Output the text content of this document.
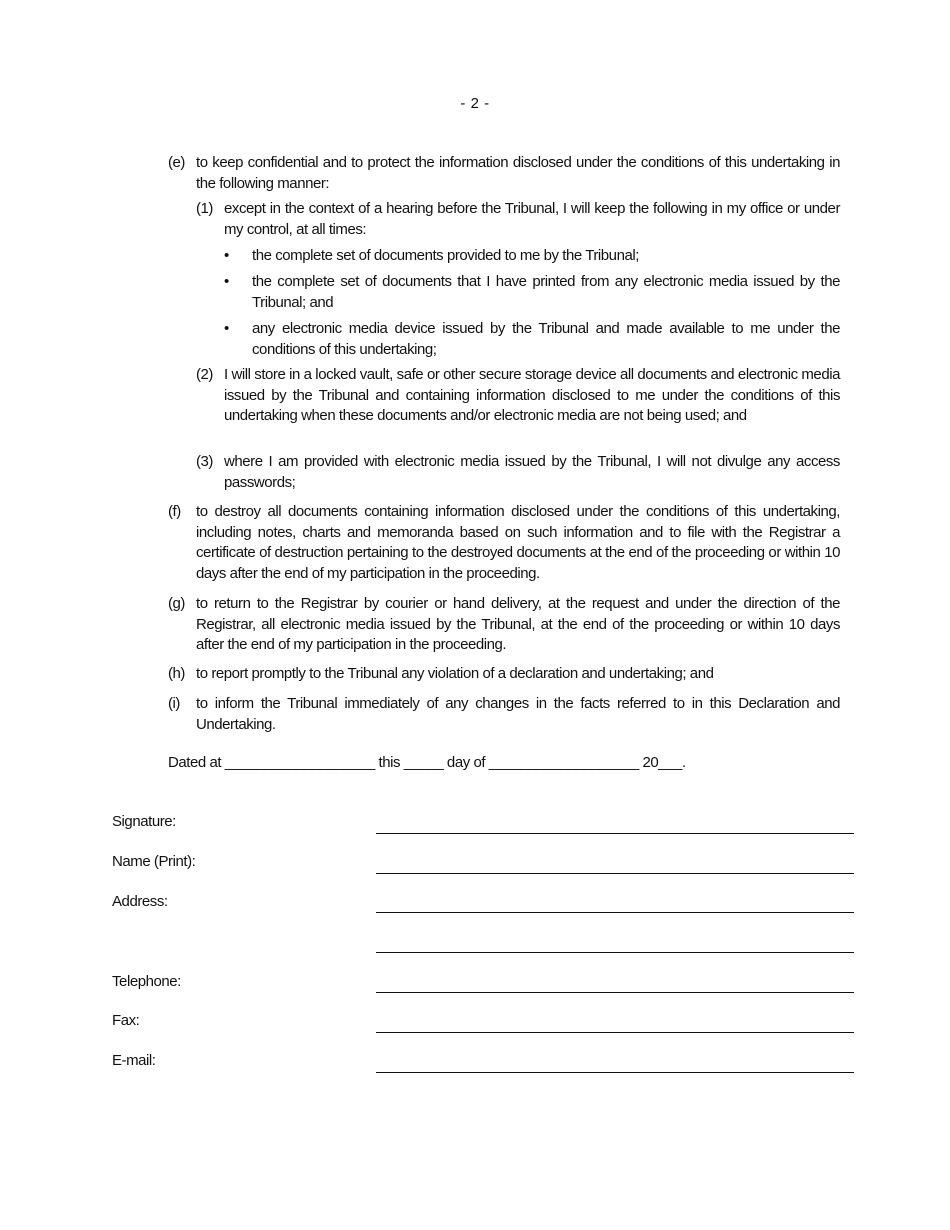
- 2 -
(e) to keep confidential and to protect the information disclosed under the conditions of this undertaking in the following manner:
(1) except in the context of a hearing before the Tribunal, I will keep the following in my office or under my control, at all times:
• the complete set of documents provided to me by the Tribunal;
• the complete set of documents that I have printed from any electronic media issued by the Tribunal; and
• any electronic media device issued by the Tribunal and made available to me under the conditions of this undertaking;
(2) I will store in a locked vault, safe or other secure storage device all documents and electronic media issued by the Tribunal and containing information disclosed to me under the conditions of this undertaking when these documents and/or electronic media are not being used; and
(3) where I am provided with electronic media issued by the Tribunal, I will not divulge any access passwords;
(f) to destroy all documents containing information disclosed under the conditions of this undertaking, including notes, charts and memoranda based on such information and to file with the Registrar a certificate of destruction pertaining to the destroyed documents at the end of the proceeding or within 10 days after the end of my participation in the proceeding.
(g) to return to the Registrar by courier or hand delivery, at the request and under the direction of the Registrar, all electronic media issued by the Tribunal, at the end of the proceeding or within 10 days after the end of my participation in the proceeding.
(h) to report promptly to the Tribunal any violation of a declaration and undertaking; and
(i) to inform the Tribunal immediately of any changes in the facts referred to in this Declaration and Undertaking.
Dated at ___________________ this _____ day of ___________________ 20___.
Signature:
Name (Print):
Address:
Telephone:
Fax:
E-mail:
